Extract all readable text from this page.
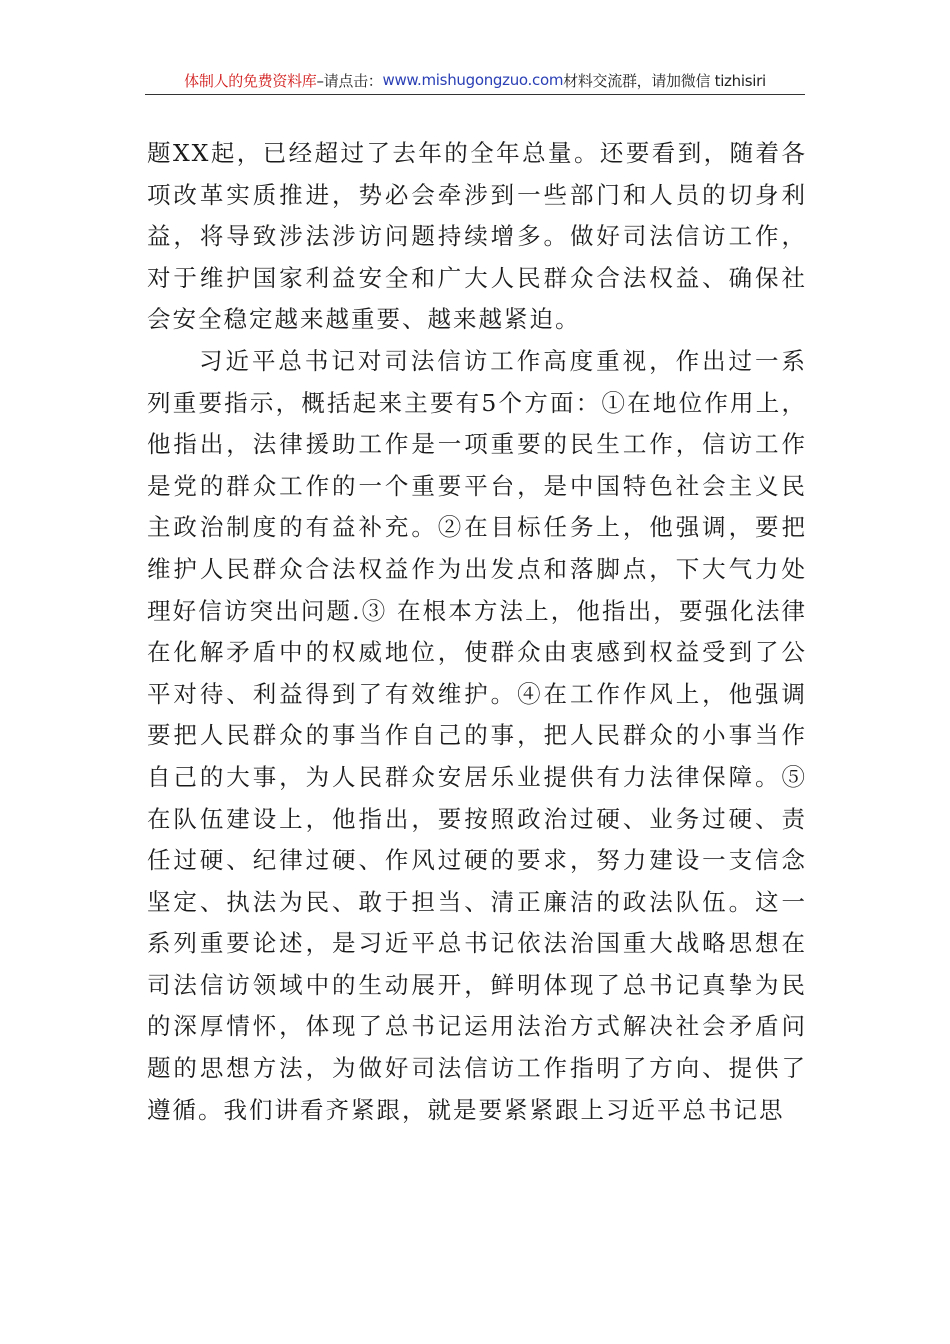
体制人的免费资料库 –请点击： www.mishugongzuo.com 材料交流群，请加微信 tizhisiri

题XX起，已经超过了去年的全年总量。还要看到，随着各项改革实质推进，势必会牵涉到一些部门和人员的切身利益，将导致涉法涉访问题持续增多。做好司法信访工作，对于维护国家利益安全和广大人民群众合法权益、确保社会安全稳定越来越重要、越来越紧迫。

习近平总书记对司法信访工作高度重视，作出过一系列重要指示，概括起来主要有5个方面：①在地位作用上，他指出，法律援助工作是一项重要的民生工作，信访工作是党的群众工作的一个重要平台，是中国特色社会主义民主政治制度的有益补充。②在目标任务上，他强调，要把维护人民群众合法权益作为出发点和落脚点，下大气力处理好信访突出问题.③ 在根本方法上，他指出，要强化法律在化解矛盾中的权威地位，使群众由衷感到权益受到了公平对待、利益得到了有效维护。④在工作作风上，他强调要把人民群众的事当作自己的事，把人民群众的小事当作自己的大事，为人民群众安居乐业提供有力法律保障。⑤在队伍建设上，他指出，要按照政治过硬、业务过硬、责任过硬、纪律过硬、作风过硬的要求，努力建设一支信念坚定、执法为民、敢于担当、清正廉洁的政法队伍。这一系列重要论述，是习近平总书记依法治国重大战略思想在司法信访领域中的生动展开，鲜明体现了总书记真挚为民的深厚情怀，体现了总书记运用法治方式解决社会矛盾问题的思想方法，为做好司法信访工作指明了方向、提供了遵循。我们讲看齐紧跟，就是要紧紧跟上习近平总书记思
